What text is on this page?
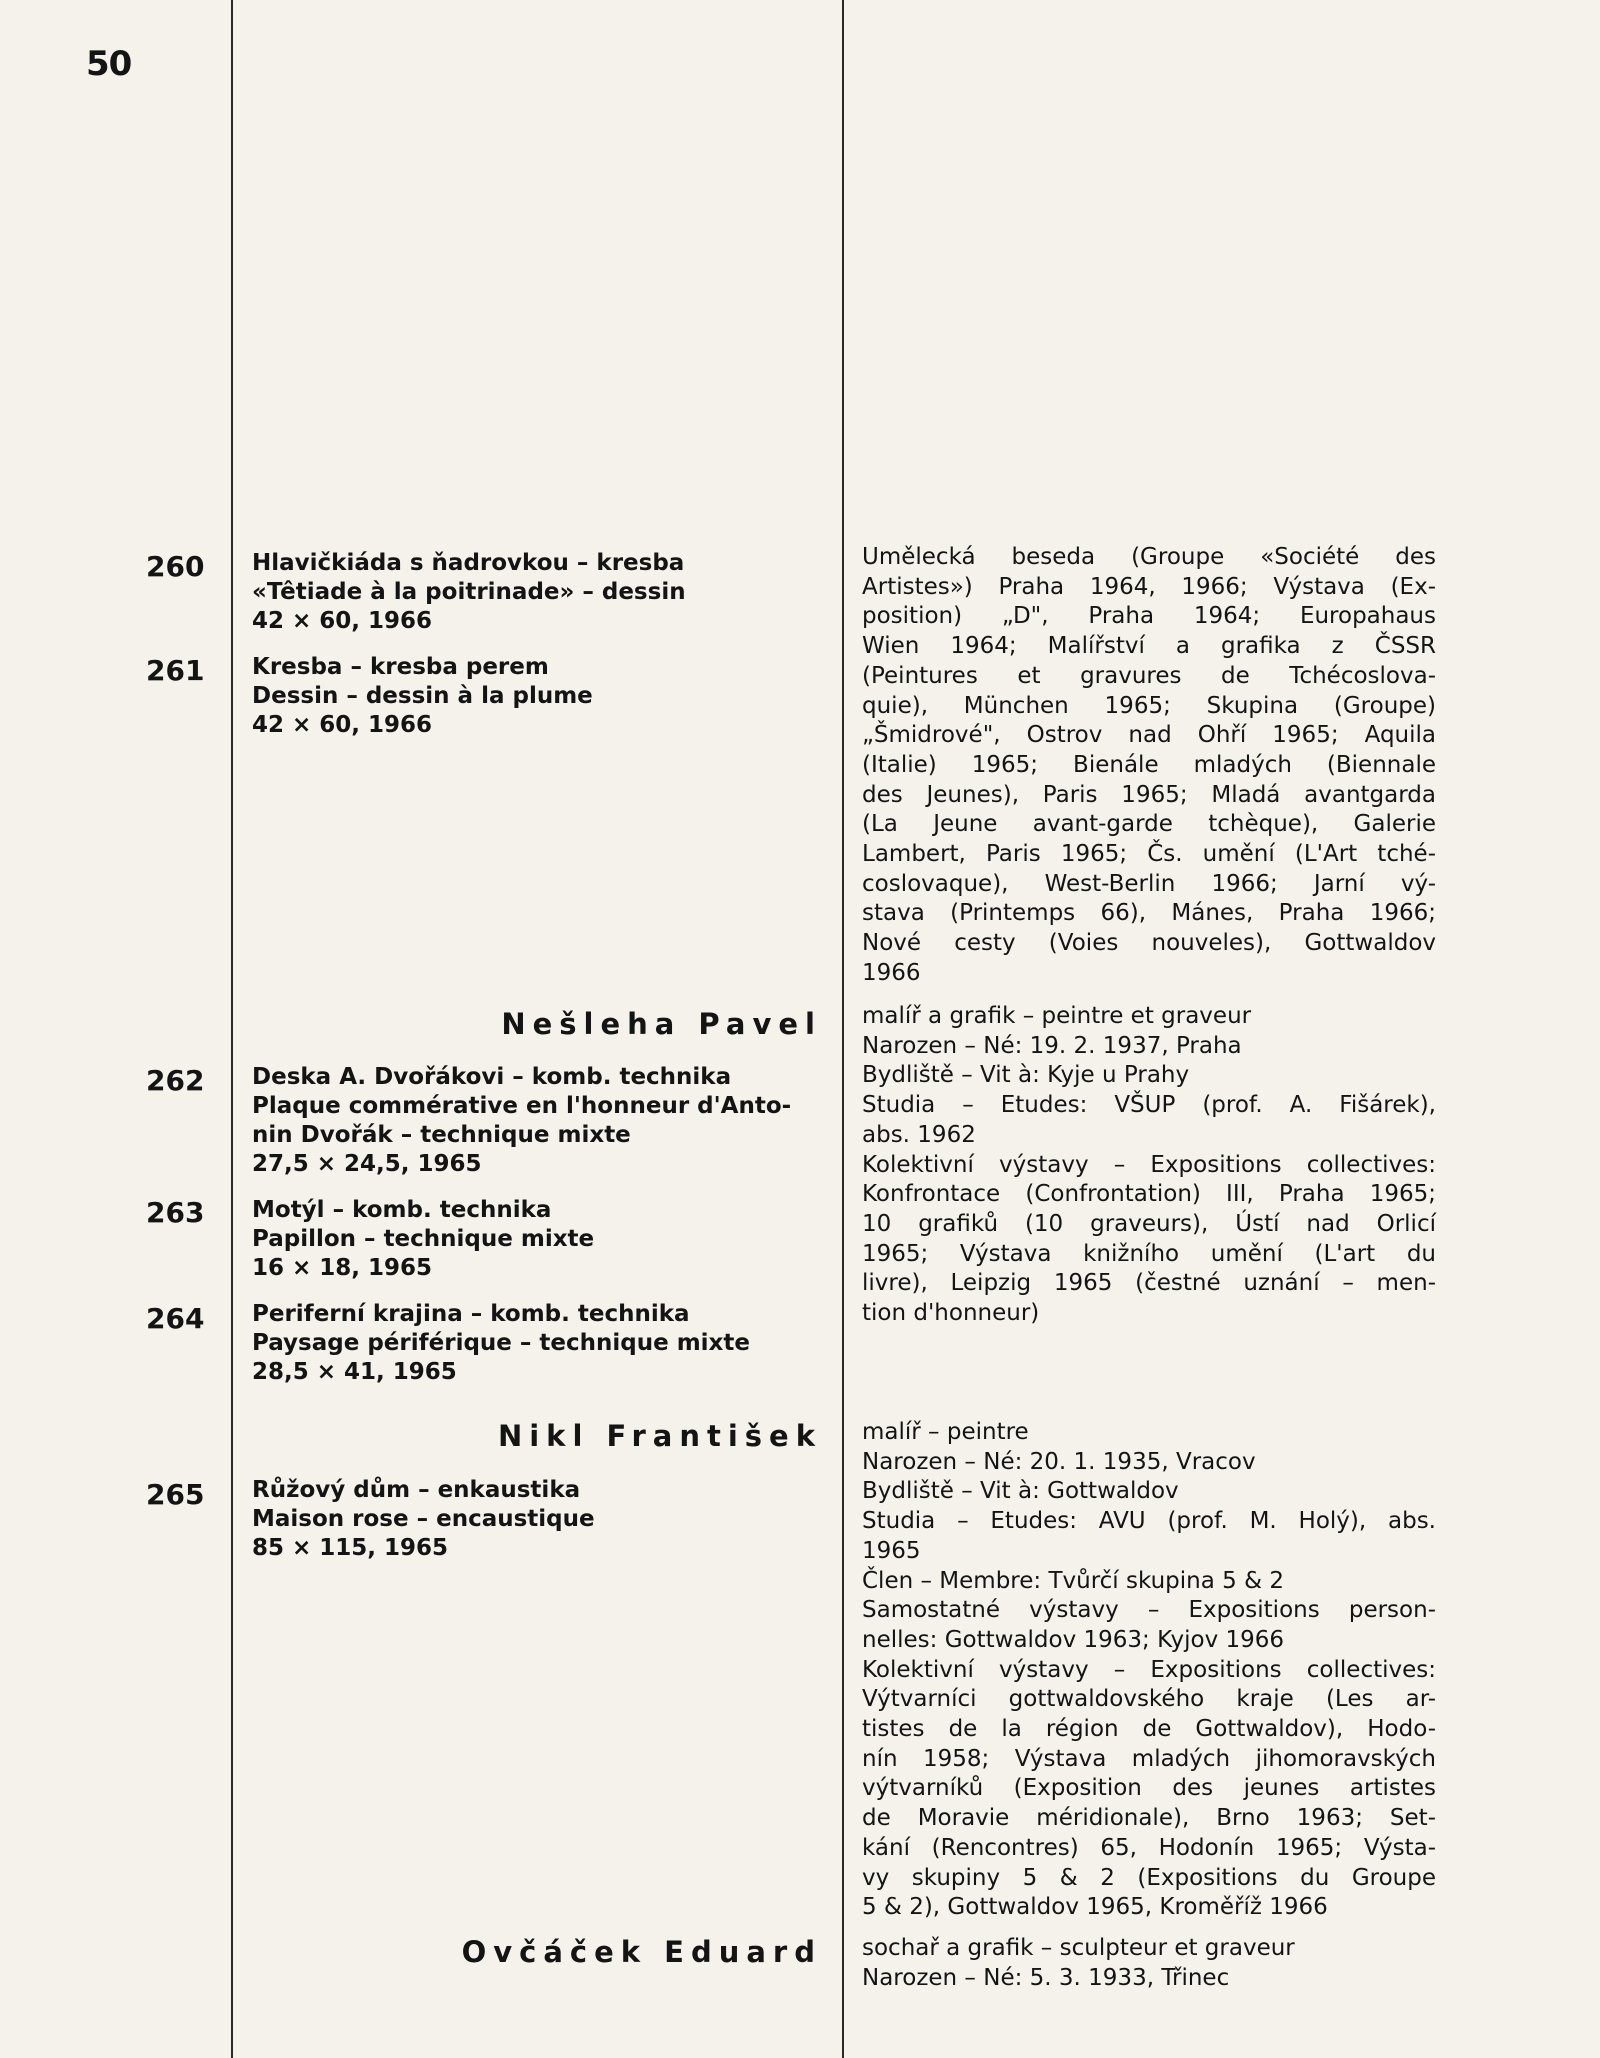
50
Umělecká beseda (Groupe «Société des
Artistes») Praha 1964, 1966; Výstava (Ex-
position) „D", Praha 1964; Europahaus
Wien 1964; Malířství a grafika z ČSSR
(Peintures et gravures de Tchécoslova-
quie), München 1965; Skupina (Groupe)
„Šmidrové", Ostrov nad Ohří 1965; Aquila
(Italie) 1965; Bienále mladých (Biennale
des Jeunes), Paris 1965; Mladá avantgarda
(La Jeune avant-garde tchèque), Galerie
Lambert, Paris 1965; Čs. umění (L'Art tché-
coslovaque), West-Berlin 1966; Jarní vý-
stava (Printemps 66), Mánes, Praha 1966;
Nové cesty (Voies nouveles), Gottwaldov
1966
260 Hlavičkiáda s ňadrovkou – kresba
«Têtiade à la poitrinade» – dessin
42 × 60, 1966
261 Kresba – kresba perem
Dessin – dessin à la plume
42 × 60, 1966
Nešleha Pavel malíř a grafik – peintre et graveur
Narozen – Né: 19. 2. 1937, Praha
Bydliště – Vit à: Kyje u Prahy
Studia – Etudes: VŠUP (prof. A. Fišárek),
abs. 1962
Kolektivní výstavy – Expositions collectives:
Konfrontace (Confrontation) III, Praha 1965;
10 grafiků (10 graveurs), Ústí nad Orlicí
1965; Výstava knižního umění (L'art du
livre), Leipzig 1965 (čestné uznání – men-
tion d'honneur)
262 Deska A. Dvořákovi – komb. technika
Plaque commérative en l'honneur d'Anto-
nin Dvořák – technique mixte
27,5 × 24,5, 1965
263 Motýl – komb. technika
Papillon – technique mixte
16 × 18, 1965
264 Periferní krajina – komb. technika
Paysage périférique – technique mixte
28,5 × 41, 1965
Nikl František malíř – peintre
Narozen – Né: 20. 1. 1935, Vracov
Bydliště – Vit à: Gottwaldov
Studia – Etudes: AVU (prof. M. Holý), abs.
1965
Člen – Membre: Tvůrčí skupina 5 & 2
Samostatné výstavy – Expositions person-
nelles: Gottwaldov 1963; Kyjov 1966
Kolektivní výstavy – Expositions collectives:
Výtvarníci gottwaldovského kraje (Les ar-
tistes de la région de Gottwaldov), Hodo-
nín 1958; Výstava mladých jihomoravských
výtvarníků (Exposition des jeunes artistes
de Moravie méridionale), Brno 1963; Set-
kání (Rencontres) 65, Hodonín 1965; Výsta-
vy skupiny 5 & 2 (Expositions du Groupe
5 & 2), Gottwaldov 1965, Kroměříž 1966
265 Růžový dům – enkaustika
Maison rose – encaustique
85 × 115, 1965
Ovčáček Eduard sochař a grafik – sculpteur et graveur
Narozen – Né: 5. 3. 1933, Třinec
